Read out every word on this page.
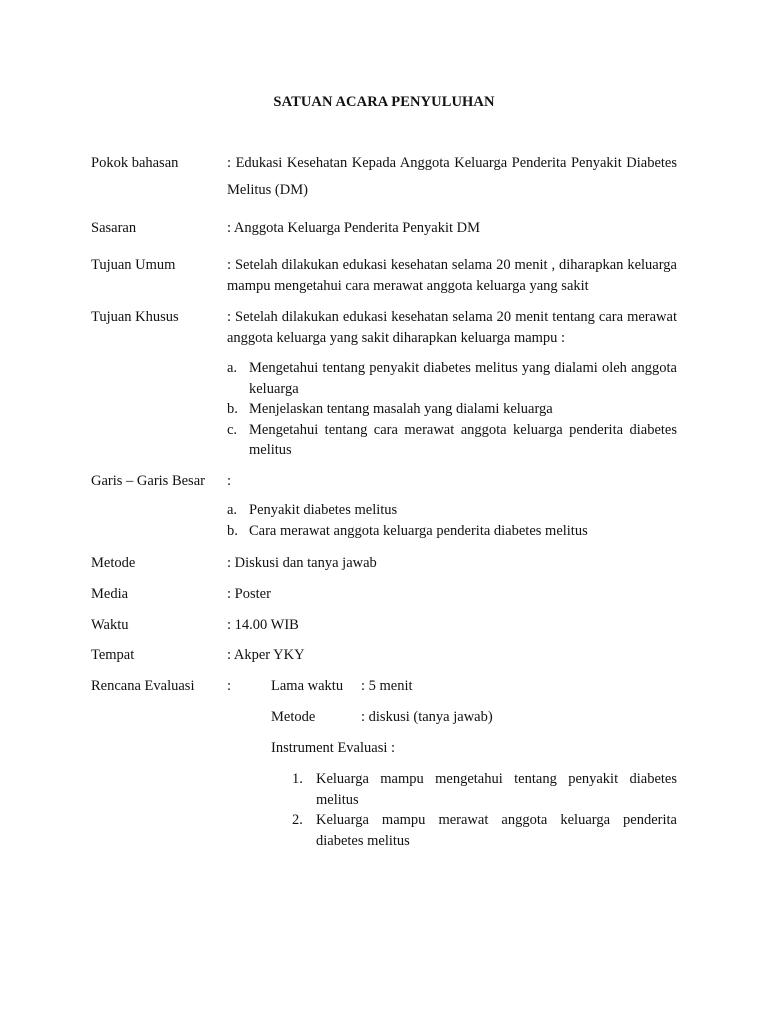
SATUAN ACARA PENYULUHAN
Pokok bahasan	: Edukasi Kesehatan Kepada Anggota Keluarga Penderita Penyakit Diabetes Melitus (DM)
Sasaran	: Anggota Keluarga Penderita Penyakit DM
Tujuan Umum	: Setelah dilakukan edukasi kesehatan selama 20 menit , diharapkan keluarga mampu mengetahui cara merawat anggota keluarga yang sakit
Tujuan Khusus	: Setelah dilakukan edukasi kesehatan selama 20 menit tentang cara merawat anggota keluarga yang sakit diharapkan keluarga mampu :
a. Mengetahui tentang penyakit diabetes melitus yang dialami oleh anggota keluarga
b. Menjelaskan tentang masalah yang dialami keluarga
c. Mengetahui tentang cara merawat anggota keluarga penderita diabetes melitus
Garis – Garis Besar :
a. Penyakit diabetes melitus
b. Cara merawat anggota keluarga penderita diabetes melitus
Metode	: Diskusi dan tanya jawab
Media	: Poster
Waktu	: 14.00 WIB
Tempat	: Akper YKY
Rencana Evaluasi :	Lama waktu : 5 menit
Metode	: diskusi (tanya jawab)
Instrument Evaluasi :
1. Keluarga mampu mengetahui tentang penyakit diabetes melitus
2. Keluarga mampu merawat anggota keluarga penderita diabetes melitus
